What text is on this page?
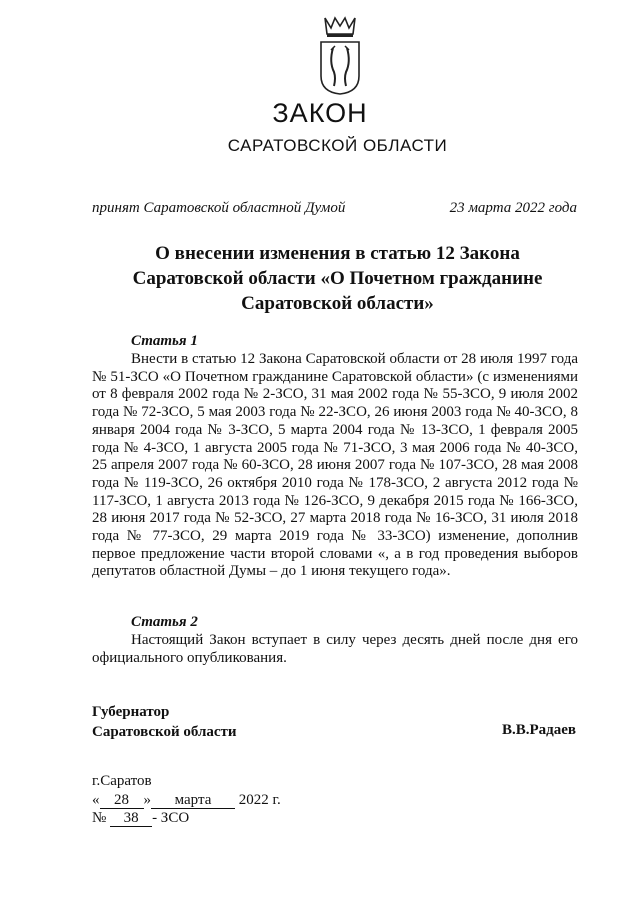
ЗАКОН
САРАТОВСКОЙ ОБЛАСТИ
принят Саратовской областной Думой	23 марта 2022 года
О внесении изменения в статью 12 Закона
Саратовской области «О Почетном гражданине
Саратовской области»
Статья 1

Внести в статью 12 Закона Саратовской области от 28 июля 1997 года № 51-ЗСО «О Почетном гражданине Саратовской области» (с изменениями от 8 февраля 2002 года № 2-ЗСО, 31 мая 2002 года № 55-ЗСО, 9 июля 2002 года № 72-ЗСО, 5 мая 2003 года № 22-ЗСО, 26 июня 2003 года № 40-ЗСО, 8 января 2004 года № 3-ЗСО, 5 марта 2004 года № 13-ЗСО, 1 февраля 2005 года № 4-ЗСО, 1 августа 2005 года № 71-ЗСО, 3 мая 2006 года № 40-ЗСО, 25 апреля 2007 года № 60-ЗСО, 28 июня 2007 года № 107-ЗСО, 28 мая 2008 года № 119-ЗСО, 26 октября 2010 года № 178-ЗСО, 2 августа 2012 года № 117-ЗСО, 1 августа 2013 года № 126-ЗСО, 9 декабря 2015 года № 166-ЗСО, 28 июня 2017 года № 52-ЗСО, 27 марта 2018 года № 16-ЗСО, 31 июля 2018 года № 77-ЗСО, 29 марта 2019 года № 33-ЗСО) изменение, дополнив первое предложение части второй словами «, а в год проведения выборов депутатов областной Думы – до 1 июня текущего года».

Статья 2

Настоящий Закон вступает в силу через десять дней после дня его официального опубликования.

Губернатор
Саратовской области	В.В.Радаев
г.Саратов
« 28 » марта 2022 г.
№ 38 - ЗСО
